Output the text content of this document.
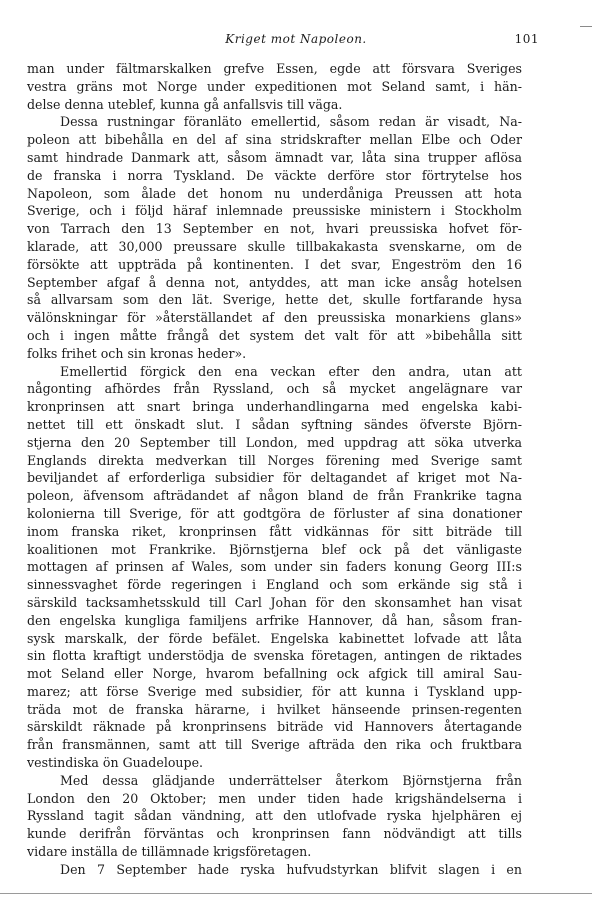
Kriget mot Napoleon.	101
man under fältmarskalken grefve Essen, egde att försvara Sveriges
vestra gräns mot Norge under expeditionen mot Seland samt, i hän-
delse denna uteblef, kunna gå anfallsvis till väga.
Dessa rustningar föranläto emellertid, såsom redan är visadt, Na-
poleon att bibehålla en del af sina stridskrafter mellan Elbe och Oder
samt hindrade Danmark att, såsom ämnadt var, låta sina trupper aflösa
de franska i norra Tyskland. De väckte derföre stor förtrytelse hos
Napoleon, som ålade det honom nu underdåniga Preussen att hota
Sverige, och i följd häraf inlemnade preussiske ministern i Stockholm
von Tarrach den 13 September en not, hvari preussiska hofvet för-
klarade, att 30,000 preussare skulle tillbakakasta svenskarne, om de
försökte att uppträda på kontinenten. I det svar, Engeström den 16
September afgaf å denna not, antyddes, att man icke ansåg hotelsen
så allvarsam som den lät. Sverige, hette det, skulle fortfarande hysa
välönskningar för »återställandet af den preussiska monarkiens glans»
och i ingen måtte frångå det system det valt för att »bibehålla sitt
folks frihet och sin kronas heder».
Emellertid förgick den ena veckan efter den andra, utan att
någonting afhördes från Ryssland, och så mycket angelägnare var
kronprinsen att snart bringa underhandlingarna med engelska kabi-
nettet till ett önskadt slut. I sådan syftning sändes öfverste Björn-
stjerna den 20 September till London, med uppdrag att söka utverka
Englands direkta medverkan till Norges förening med Sverige samt
beviljandet af erforderliga subsidier för deltagandet af kriget mot Na-
poleon, äfvensom afträdandet af någon bland de från Frankrike tagna
kolonierna till Sverige, för att godtgöra de förluster af sina donationer
inom franska riket, kronprinsen fått vidkännas för sitt biträde till
koalitionen mot Frankrike. Björnstjerna blef ock på det vänligaste
mottagen af prinsen af Wales, som under sin faders konung Georg III:s
sinnessvaghet förde regeringen i England och som erkände sig stå i
särskild tacksamhetsskuld till Carl Johan för den skonsamhet han visat
den engelska kungliga familjens arfrike Hannover, då han, såsom fran-
sysk marskalk, der förde befälet. Engelska kabinettet lofvade att låta
sin flotta kraftigt understödja de svenska företagen, antingen de riktades
mot Seland eller Norge, hvarom befallning ock afgick till amiral Sau-
marez; att förse Sverige med subsidier, för att kunna i Tyskland upp-
träda mot de franska härarne, i hvilket hänseende prinsen-regenten
särskildt räknade på kronprinsens biträde vid Hannovers återtagande
från fransmännen, samt att till Sverige afträda den rika och fruktbara
vestindiska ön Guadeloupe.
Med dessa glädjande underrättelser återkom Björnstjerna från
London den 20 Oktober; men under tiden hade krigshändelserna i
Ryssland tagit sådan vändning, att den utlofvade ryska hjelphären ej
kunde derifrån förväntas och kronprinsen fann nödvändigt att tills
vidare inställa de tillämnade krigsföretagen.
Den 7 September hade ryska hufvudstyrkan blifvit slagen i en
